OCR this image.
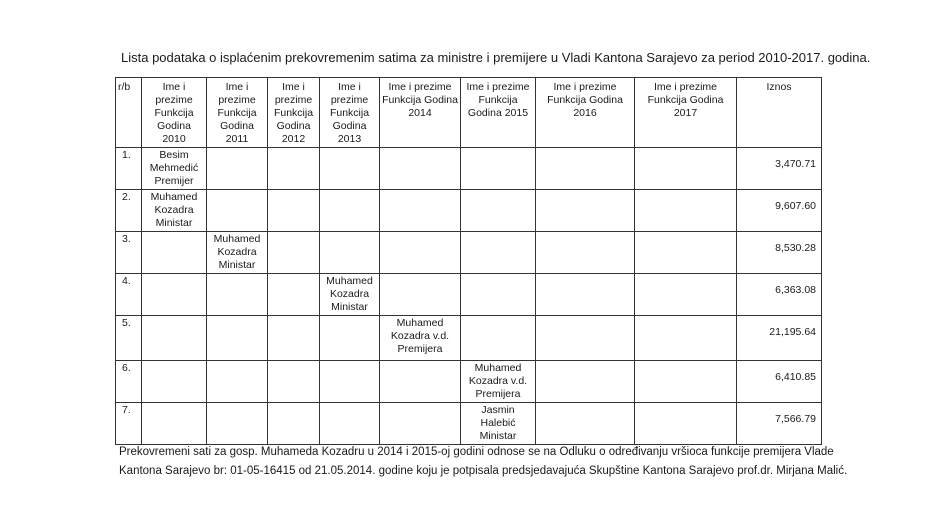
Lista podataka o isplaćenim prekovremenim satima za ministre i premijere u Vladi Kantona Sarajevo za period 2010-2017. godina.
r/b	Ime i prezime Funkcija Godina 2010	Ime i prezime Funkcija Godina 2011	Ime i prezime Funkcija Godina 2012	Ime i prezime Funkcija Godina 2013	Ime i prezime Funkcija Godina 2014	Ime i prezime Funkcija Godina 2015	Ime i prezime Funkcija Godina 2016	Ime i prezime Funkcija Godina 2017	Iznos
1.	Besim Mehmedić Premijer								3,470.71
2.	Muhamed Kozadra Ministar								9,607.60
3.		Muhamed Kozadra Ministar							8,530.28
4.				Muhamed Kozadra Ministar					6,363.08
5.					Muhamed Kozadra v.d. Premijera				21,195.64
6.						Muhamed Kozadra v.d. Premijera			6,410.85
7.						Jasmin Halebić Ministar			7,566.79
Prekovremeni sati za gosp. Muhameda Kozadru u 2014 i 2015-oj godini odnose se na Odluku o određivanju vršioca funkcije premijera Vlade
Kantona Sarajevo br: 01-05-16415 od 21.05.2014. godine koju je potpisala predsjedavajuća Skupštine Kantona Sarajevo prof.dr. Mirjana Malić.
